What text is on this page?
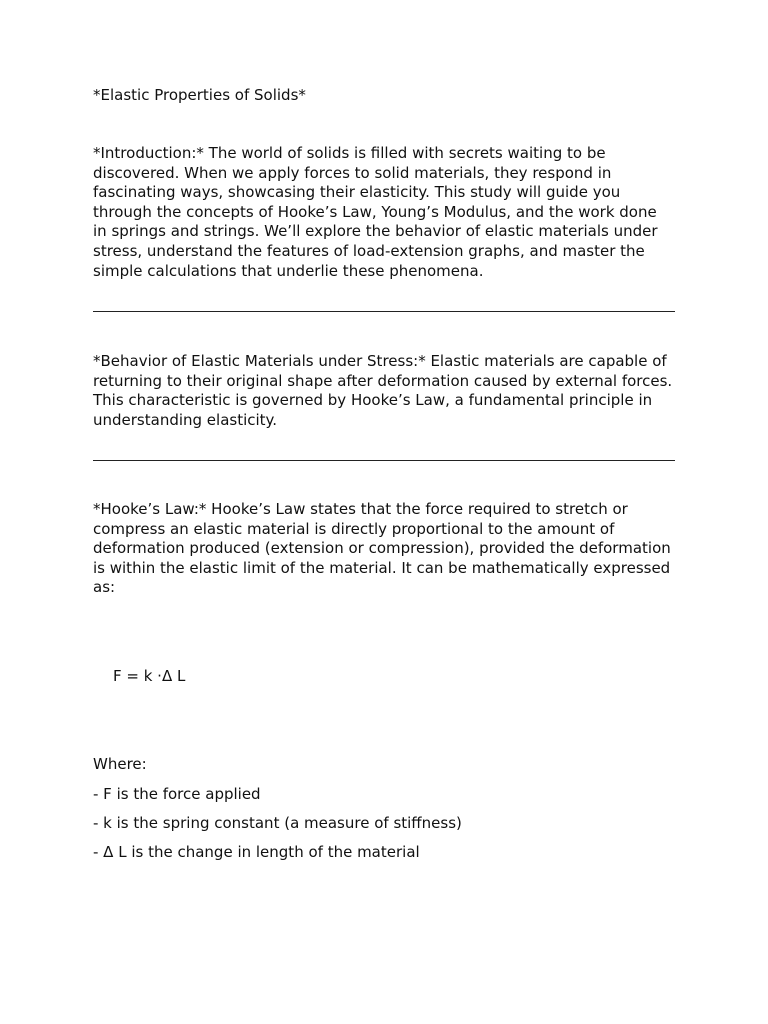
*Elastic Properties of Solids*

*Introduction:* The world of solids is filled with secrets waiting to be discovered. When we apply forces to solid materials, they respond in fascinating ways, showcasing their elasticity. This study will guide you through the concepts of Hooke’s Law, Young’s Modulus, and the work done in springs and strings. We’ll explore the behavior of elastic materials under stress, understand the features of load-extension graphs, and master the simple calculations that underlie these phenomena.

*Behavior of Elastic Materials under Stress:* Elastic materials are capable of returning to their original shape after deformation caused by external forces. This characteristic is governed by Hooke’s Law, a fundamental principle in understanding elasticity.

*Hooke’s Law:* Hooke’s Law states that the force required to stretch or compress an elastic material is directly proportional to the amount of deformation produced (extension or compression), provided the deformation is within the elastic limit of the material. It can be mathematically expressed as:

F = k ·Δ L
Where:
- F is the force applied
- k is the spring constant (a measure of stiffness)
- Δ L is the change in length of the material
